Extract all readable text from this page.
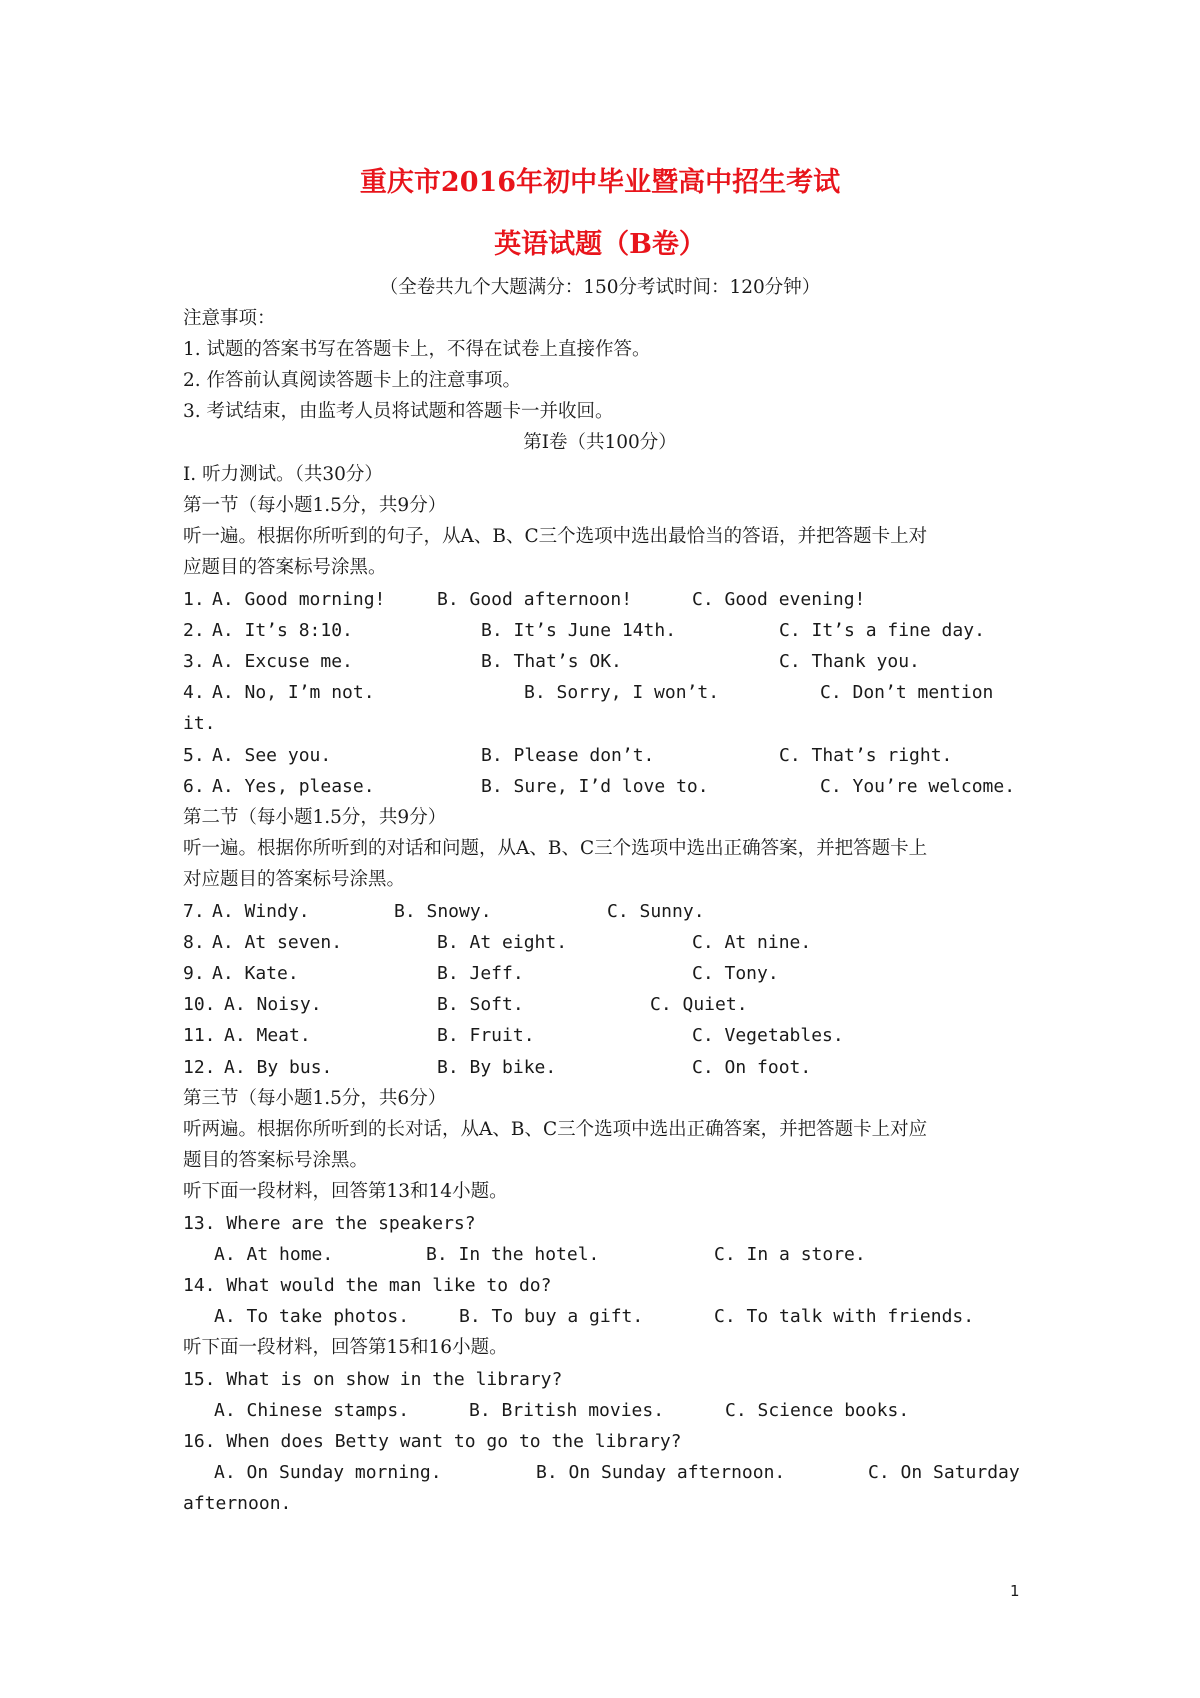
重庆市2016年初中毕业暨高中招生考试
英语试题（B卷）
（全卷共九个大题满分：150分考试时间：120分钟）
注意事项：
1. 试题的答案书写在答题卡上，不得在试卷上直接作答。
2. 作答前认真阅读答题卡上的注意事项。
3. 考试结束，由监考人员将试题和答题卡一并收回。
第Ⅰ卷（共100分）
Ⅰ. 听力测试。（共30分）
第一节（每小题1.5分，共9分）
听一遍。根据你所听到的句子，从A、B、C三个选项中选出最恰当的答语，并把答题卡上对
应题目的答案标号涂黑。
1. A. Good morning!	B. Good afternoon!	C. Good evening!
2. A. It’s 8:10.	B. It’s June 14th.	C. It’s a fine day.
3. A. Excuse me.	B. That’s OK.	C. Thank you.
4. A. No, I’m not.	B. Sorry, I won’t.	C. Don’t mention
it.
5. A. See you.	B. Please don’t.	C. That’s right.
6. A. Yes, please.	B. Sure, I’d love to.	C. You’re welcome.
第二节（每小题1.5分，共9分）
听一遍。根据你所听到的对话和问题，从A、B、C三个选项中选出正确答案，并把答题卡上
对应题目的答案标号涂黑。
7. A. Windy.	B. Snowy.	C. Sunny.
8. A. At seven.	B. At eight.	C. At nine.
9. A. Kate.	B. Jeff.	C. Tony.
10. A. Noisy.	B. Soft.	C. Quiet.
11. A. Meat.	B. Fruit.	C. Vegetables.
12. A. By bus.	B. By bike.	C. On foot.
第三节（每小题1.5分，共6分）
听两遍。根据你所听到的长对话，从A、B、C三个选项中选出正确答案，并把答题卡上对应
题目的答案标号涂黑。
听下面一段材料，回答第13和14小题。
13. Where are the speakers?
A. At home.	B. In the hotel.	C. In a store.
14. What would the man like to do?
A. To take photos.	B. To buy a gift.	C. To talk with friends.
听下面一段材料，回答第15和16小题。
15. What is on show in the library?
A. Chinese stamps.	B. British movies.	C. Science books.
16. When does Betty want to go to the library?
A. On Sunday morning.	B. On Sunday afternoon.	C. On Saturday
afternoon.
1
